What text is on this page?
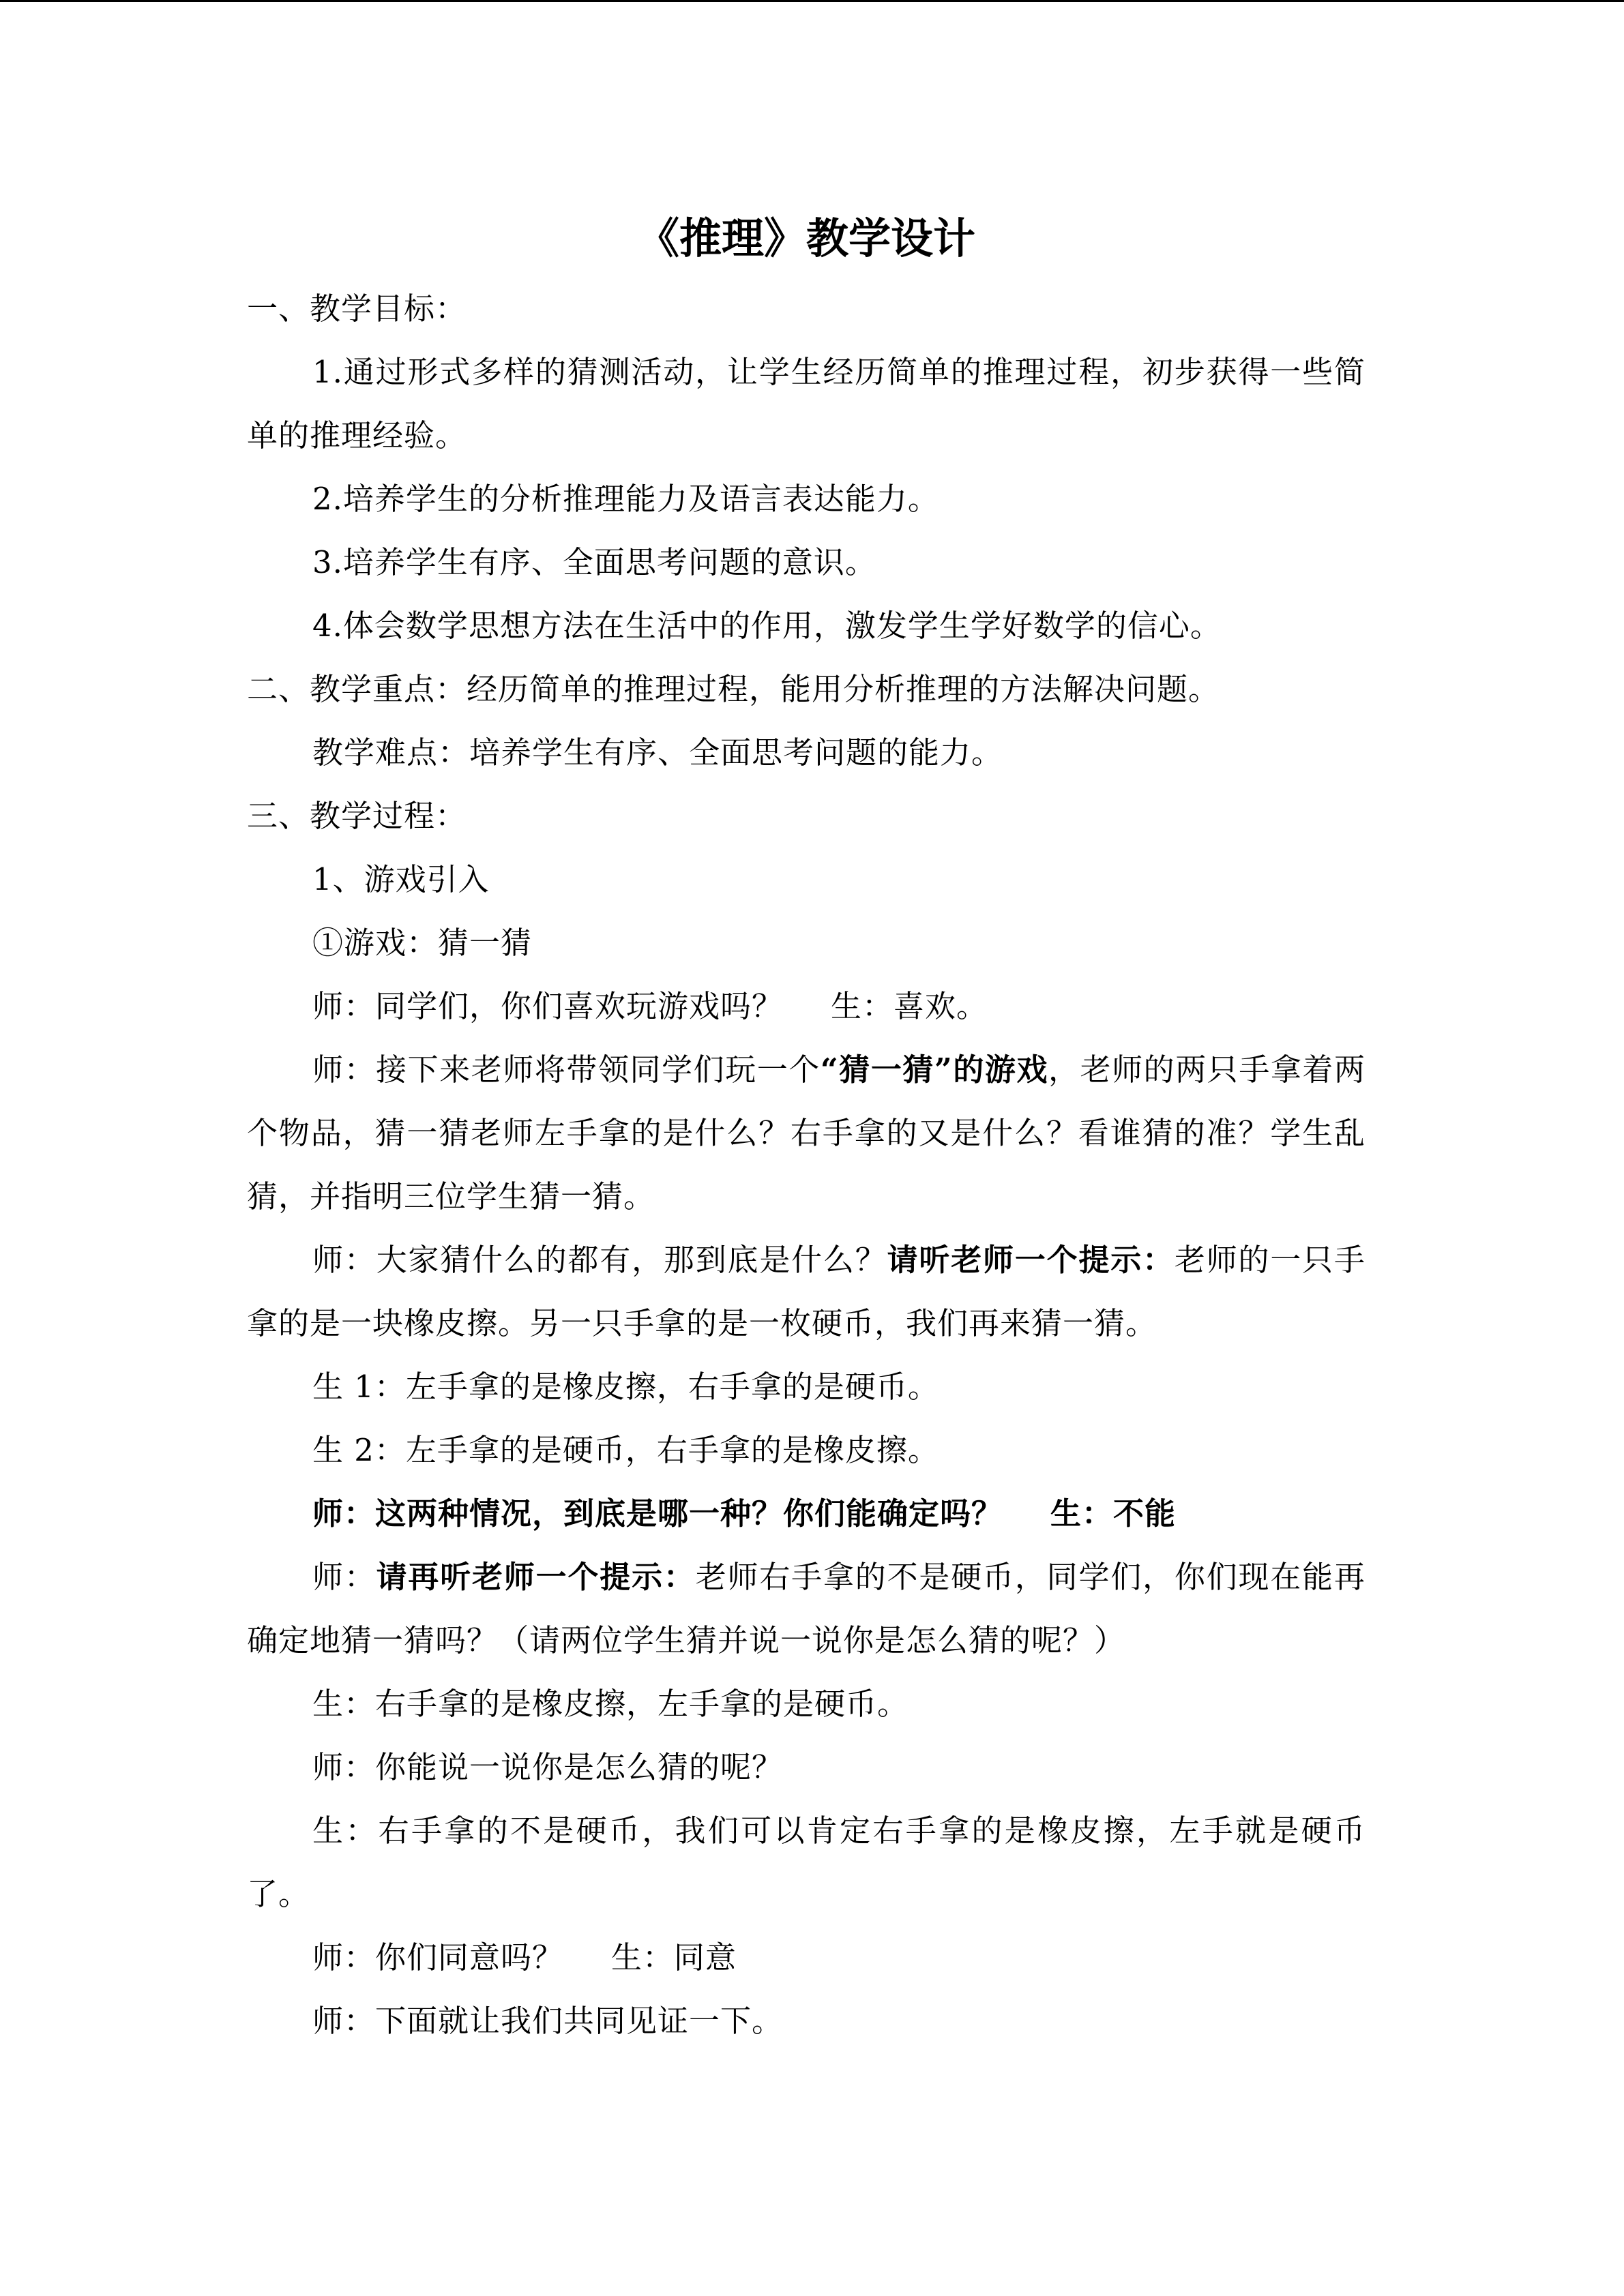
《推理》教学设计
一、教学目标：
1.通过形式多样的猜测活动，让学生经历简单的推理过程，初步获得一些简单的推理经验。
2.培养学生的分析推理能力及语言表达能力。
3.培养学生有序、全面思考问题的意识。
4.体会数学思想方法在生活中的作用，激发学生学好数学的信心。
二、教学重点：经历简单的推理过程，能用分析推理的方法解决问题。
教学难点：培养学生有序、全面思考问题的能力。
三、教学过程：
1、游戏引入
①游戏：猜一猜
师：同学们，你们喜欢玩游戏吗？ 生：喜欢。
师：接下来老师将带领同学们玩一个“猜一猜”的游戏，老师的两只手拿着两个物品，猜一猜老师左手拿的是什么？右手拿的又是什么？看谁猜的准？学生乱猜，并指明三位学生猜一猜。
师：大家猜什么的都有，那到底是什么？请听老师一个提示：老师的一只手拿的是一块橡皮擦。另一只手拿的是一枚硬币，我们再来猜一猜。
生 1：左手拿的是橡皮擦，右手拿的是硬币。
生 2：左手拿的是硬币，右手拿的是橡皮擦。
师：这两种情况，到底是哪一种？你们能确定吗？ 生：不能
师：请再听老师一个提示：老师右手拿的不是硬币，同学们，你们现在能再确定地猜一猜吗？（请两位学生猜并说一说你是怎么猜的呢？）
生：右手拿的是橡皮擦，左手拿的是硬币。
师：你能说一说你是怎么猜的呢？
生：右手拿的不是硬币，我们可以肯定右手拿的是橡皮擦，左手就是硬币了。
师：你们同意吗？ 生：同意
师：下面就让我们共同见证一下。
